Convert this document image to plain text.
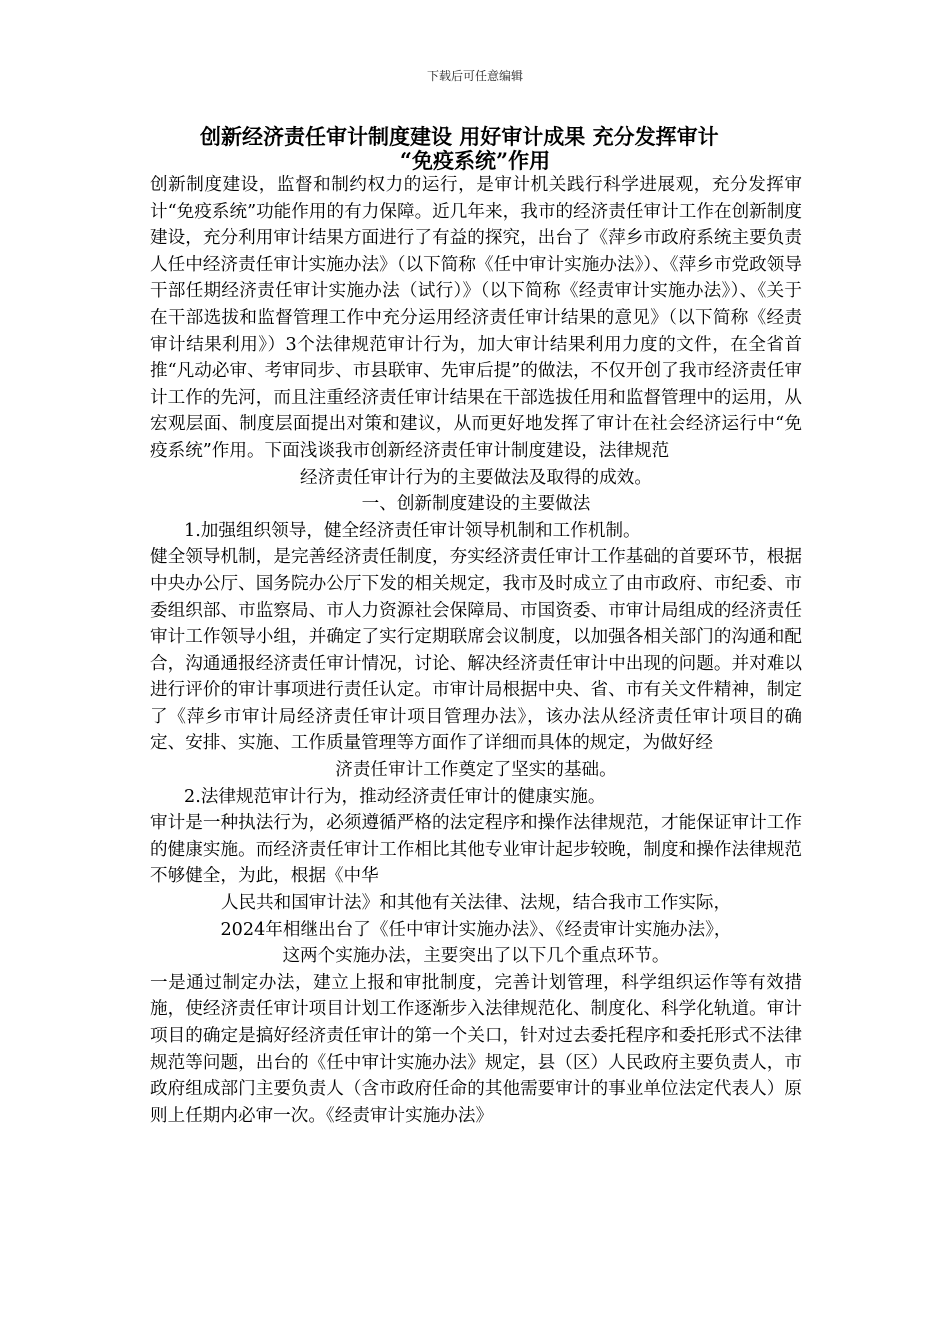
下载后可任意编辑
创新经济责任审计制度建设 用好审计成果 充分发挥审计
“免疫系统”作用

创新制度建设，监督和制约权力的运行，是审计机关践行科学进展观，充分发挥审计“免疫系统”功能作用的有力保障。近几年来，我市的经济责任审计工作在创新制度建设，充分利用审计结果方面进行了有益的探究，出台了《萍乡市政府系统主要负责人任中经济责任审计实施办法》（以下简称《任中审计实施办法》）、《萍乡市党政领导干部任期经济责任审计实施办法（试行）》（以下简称《经责审计实施办法》）、《关于在干部选拔和监督管理工作中充分运用经济责任审计结果的意见》（以下简称《经责审计结果利用》）3个法律规范审计行为，加大审计结果利用力度的文件，在全省首推“凡动必审、考审同步、市县联审、先审后提”的做法，不仅开创了我市经济责任审计工作的先河，而且注重经济责任审计结果在干部选拔任用和监督管理中的运用，从宏观层面、制度层面提出对策和建议，从而更好地发挥了审计在社会经济运行中“免疫系统”作用。下面浅谈我市创新经济责任审计制度建设，法律规范

经济责任审计行为的主要做法及取得的成效。

一、创新制度建设的主要做法

1.加强组织领导，健全经济责任审计领导机制和工作机制。

健全领导机制，是完善经济责任制度，夯实经济责任审计工作基础的首要环节，根据中央办公厅、国务院办公厅下发的相关规定，我市及时成立了由市政府、市纪委、市委组织部、市监察局、市人力资源社会保障局、市国资委、市审计局组成的经济责任审计工作领导小组，并确定了实行定期联席会议制度，以加强各相关部门的沟通和配合，沟通通报经济责任审计情况，讨论、解决经济责任审计中出现的问题。并对难以进行评价的审计事项进行责任认定。市审计局根据中央、省、市有关文件精神，制定了《萍乡市审计局经济责任审计项目管理办法》，该办法从经济责任审计项目的确定、安排、实施、工作质量管理等方面作了详细而具体的规定，为做好经

济责任审计工作奠定了坚实的基础。

2.法律规范审计行为，推动经济责任审计的健康实施。

审计是一种执法行为，必须遵循严格的法定程序和操作法律规范，才能保证审计工作的健康实施。而经济责任审计工作相比其他专业审计起步较晚，制度和操作法律规范不够健全，为此，根据《中华

人民共和国审计法》和其他有关法律、法规，结合我市工作实际，

2024年相继出台了《任中审计实施办法》、《经责审计实施办法》，

这两个实施办法，主要突出了以下几个重点环节。

一是通过制定办法，建立上报和审批制度，完善计划管理，科学组织运作等有效措施，使经济责任审计项目计划工作逐渐步入法律规范化、制度化、科学化轨道。审计项目的确定是搞好经济责任审计的第一个关口，针对过去委托程序和委托形式不法律规范等问题，出台的《任中审计实施办法》规定，县（区）人民政府主要负责人，市政府组成部门主要负责人（含市政府任命的其他需要审计的事业单位法定代表人）原则上任期内必审一次。《经责审计实施办法》
